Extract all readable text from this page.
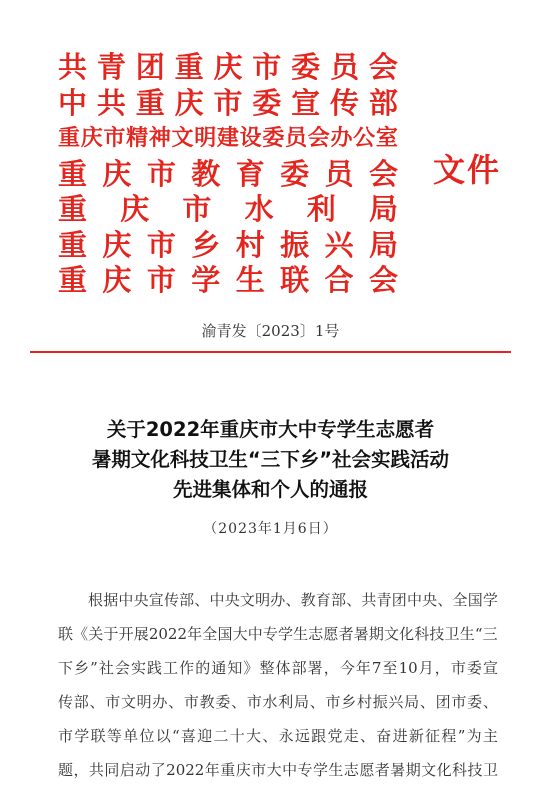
共 青 团 重 庆 市 委 员 会
中 共 重 庆 市 委 宣 传 部
重 庆 市 精 神 文 明 建 设 委 员 会 办 公 室
重 庆 市 教 育 委 员 会
重 庆 市 水 利 局
重 庆 市 乡 村 振 兴 局
重 庆 市 学 生 联 合 会
文件
渝青发〔2023〕1号
关于2022年重庆市大中专学生志愿者
暑期文化科技卫生“三下乡”社会实践活动
先进集体和个人的通报
（2023年1月6日）
根 据 中 央 宣 传 部 、 中 央 文 明 办 、 教 育 部 、 共 青 团 中 央 、 全 国 学
联 《 关 于 开 展 2022 年 全 国 大 中 专 学 生 志 愿 者 暑 期 文 化 科 技 卫 生 “ 三
下 乡 ” 社 会 实 践 工 作 的 通 知 》 整 体 部 署 ， 今 年 7 至 10 月 ， 市 委 宣
传 部 、 市 文 明 办 、 市 教 委 、 市 水 利 局 、 市 乡 村 振 兴 局 、 团 市 委 、
市 学 联 等 单 位 以 “ 喜 迎 二 十 大 、 永 远 跟 党 走 、 奋 进 新 征 程 ” 为 主
题 ， 共 同 启 动 了 2022 年 重 庆 市 大 中 专 学 生 志 愿 者 暑 期 文 化 科 技 卫
